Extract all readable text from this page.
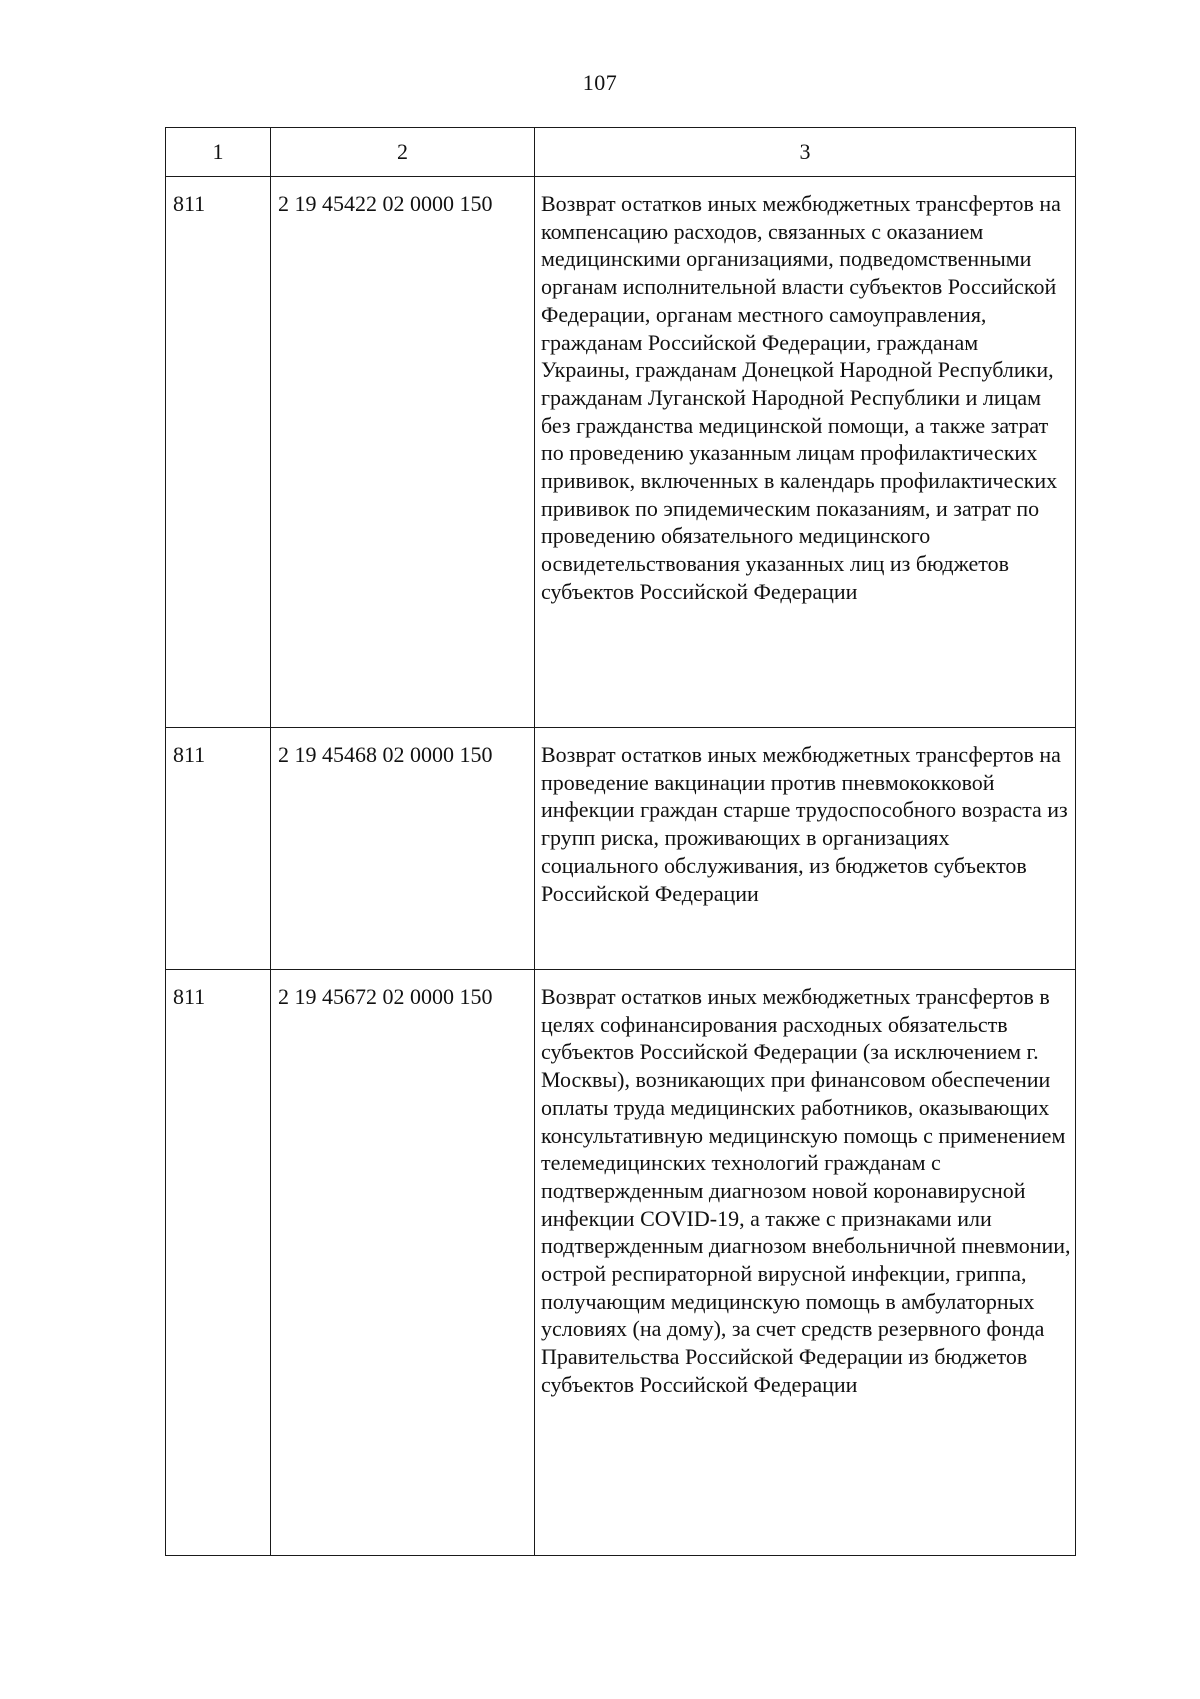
107
1	2	3
811	2 19 45422 02 0000 150	Возврат остатков иных межбюджетных трансфертов на компенсацию расходов, связанных с оказанием медицинскими организациями, подведомственными органам исполнительной власти субъектов Российской Федерации, органам местного самоуправления, гражданам Российской Федерации, гражданам Украины, гражданам Донецкой Народной Республики, гражданам Луганской Народной Республики и лицам без гражданства медицинской помощи, а также затрат по проведению указанным лицам профилактических прививок, включенных в календарь профилактических прививок по эпидемическим показаниям, и затрат по проведению обязательного медицинского освидетельствования указанных лиц из бюджетов субъектов Российской Федерации
811	2 19 45468 02 0000 150	Возврат остатков иных межбюджетных трансфертов на проведение вакцинации против пневмококковой инфекции граждан старше трудоспособного возраста из групп риска, проживающих в организациях социального обслуживания, из бюджетов субъектов Российской Федерации
811	2 19 45672 02 0000 150	Возврат остатков иных межбюджетных трансфертов в целях софинансирования расходных обязательств субъектов Российской Федерации (за исключением г. Москвы), возникающих при финансовом обеспечении оплаты труда медицинских работников, оказывающих консультативную медицинскую помощь с применением телемедицинских технологий гражданам с подтвержденным диагнозом новой коронавирусной инфекции COVID-19, а также с признаками или подтвержденным диагнозом внебольничной пневмонии, острой респираторной вирусной инфекции, гриппа, получающим медицинскую помощь в амбулаторных условиях (на дому), за счет средств резервного фонда Правительства Российской Федерации из бюджетов субъектов Российской Федерации
